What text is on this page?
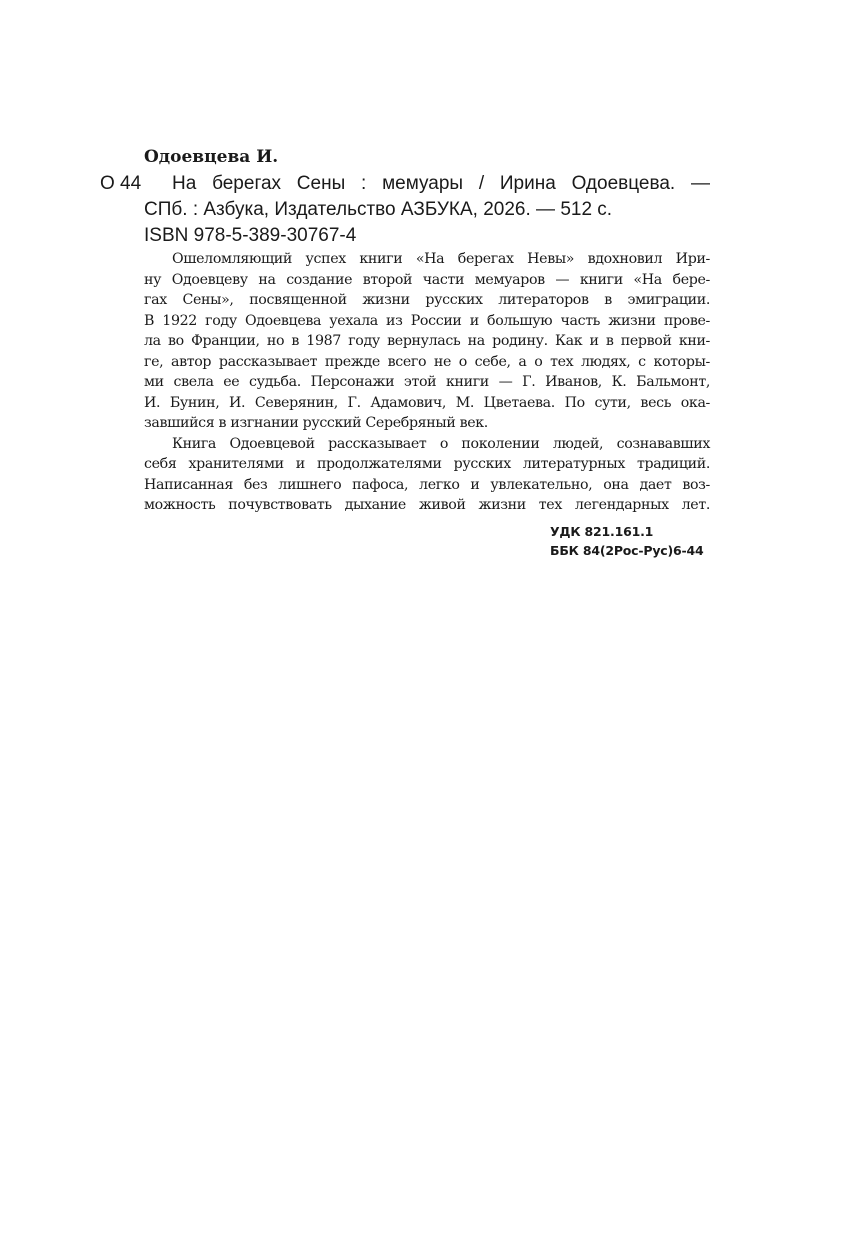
Одоевцева И.
О 44 На берегах Сены : мемуары / Ирина Одоевцева. —
СПб. : Азбука, Издательство АЗБУКА, 2026. — 512 с.
ISBN 978-5-389-30767-4
Ошеломляющий успех книги «На берегах Невы» вдохновил Ири-
ну Одоевцеву на создание второй части мемуаров — книги «На бере-
гах Сены», посвященной жизни русских литераторов в эмиграции.
В 1922 году Одоевцева уехала из России и большую часть жизни прове-
ла во Франции, но в 1987 году вернулась на родину. Как и в первой кни-
ге, автор рассказывает прежде всего не о себе, а о тех людях, с которы-
ми свела ее судьба. Персонажи этой книги — Г. Иванов, К. Бальмонт,
И. Бунин, И. Северянин, Г. Адамович, М. Цветаева. По сути, весь ока-
завшийся в изгнании русский Серебряный век.
Книга Одоевцевой рассказывает о поколении людей, сознававших
себя хранителями и продолжателями русских литературных традиций.
Написанная без лишнего пафоса, легко и увлекательно, она дает воз-
можность почувствовать дыхание живой жизни тех легендарных лет.
УДК 821.161.1
ББК 84(2Рос-Рус)6-44
